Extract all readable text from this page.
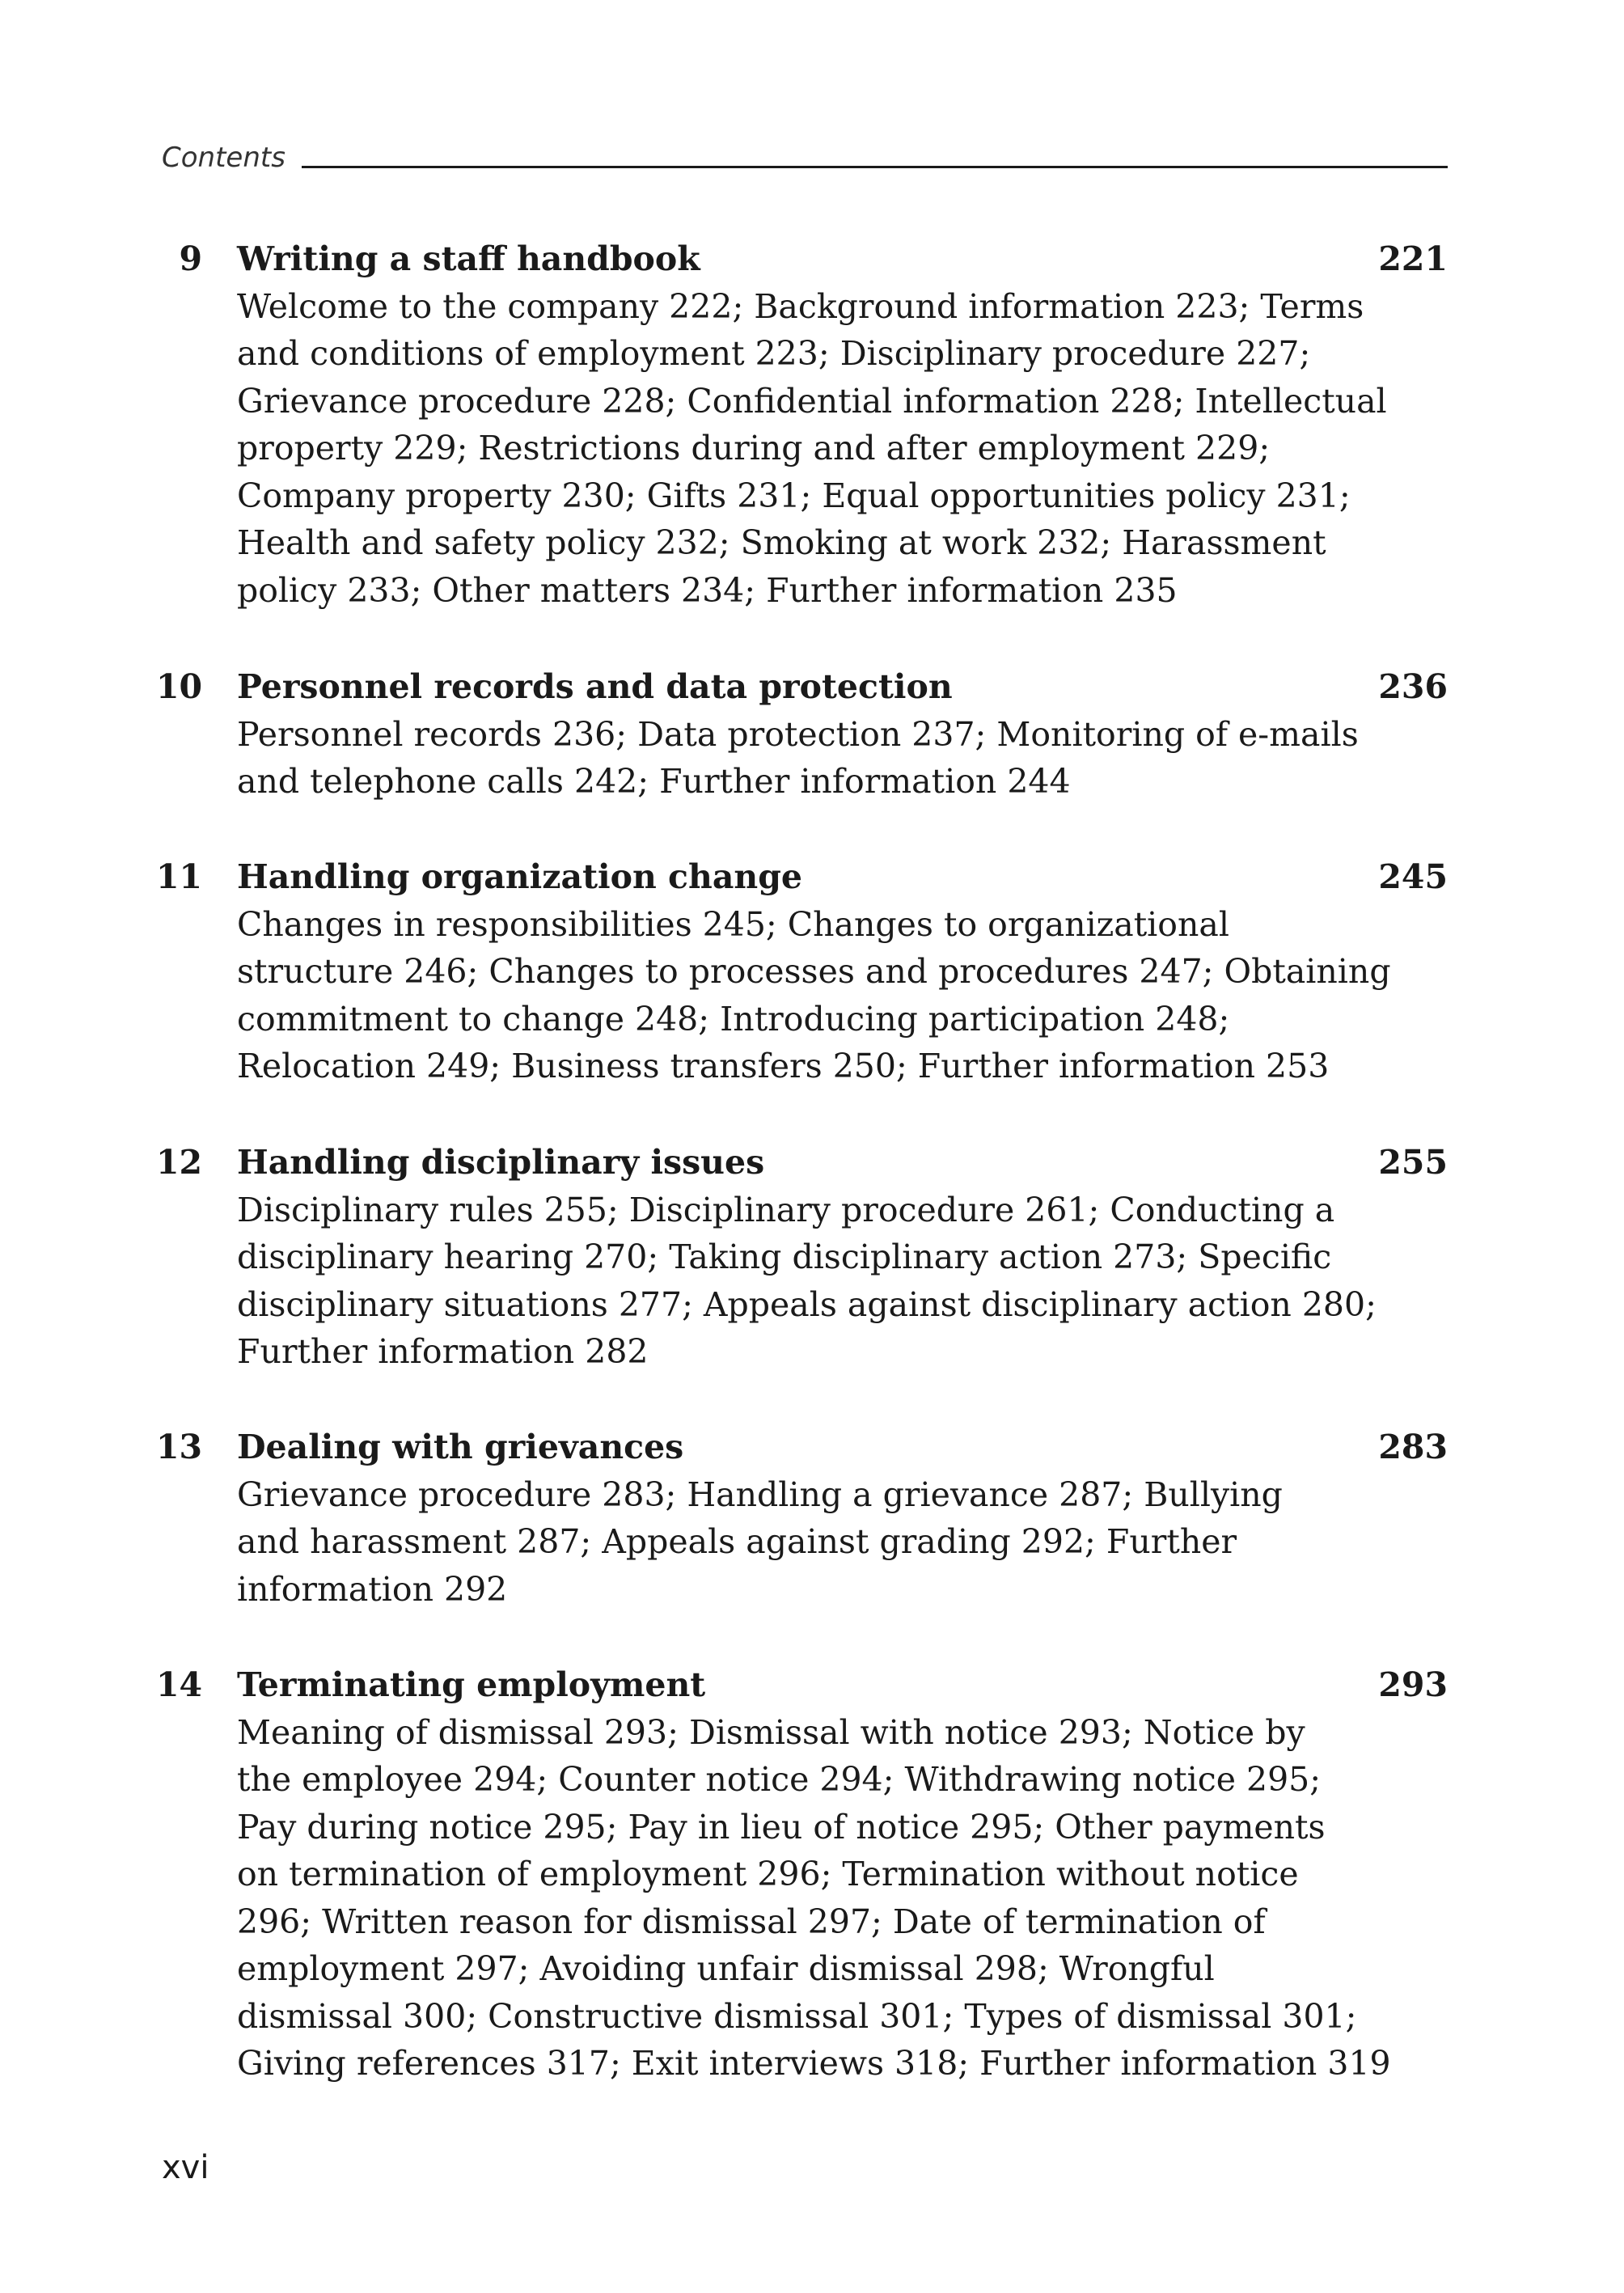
Contents
9 Writing a staff handbook	221
Welcome to the company 222; Background information 223; Terms
and conditions of employment 223; Disciplinary procedure 227;
Grievance procedure 228; Confidential information 228; Intellectual
property 229; Restrictions during and after employment 229;
Company property 230; Gifts 231; Equal opportunities policy 231;
Health and safety policy 232; Smoking at work 232; Harassment
policy 233; Other matters 234; Further information 235
10 Personnel records and data protection	236
Personnel records 236; Data protection 237; Monitoring of e-mails
and telephone calls 242; Further information 244
11 Handling organization change	245
Changes in responsibilities 245; Changes to organizational
structure 246; Changes to processes and procedures 247; Obtaining
commitment to change 248; Introducing participation 248;
Relocation 249; Business transfers 250; Further information 253
12 Handling disciplinary issues	255
Disciplinary rules 255; Disciplinary procedure 261; Conducting a
disciplinary hearing 270; Taking disciplinary action 273; Specific
disciplinary situations 277; Appeals against disciplinary action 280;
Further information 282
13 Dealing with grievances	283
Grievance procedure 283; Handling a grievance 287; Bullying
and harassment 287; Appeals against grading 292; Further
information 292
14 Terminating employment	293
Meaning of dismissal 293; Dismissal with notice 293; Notice by
the employee 294; Counter notice 294; Withdrawing notice 295;
Pay during notice 295; Pay in lieu of notice 295; Other payments
on termination of employment 296; Termination without notice
296; Written reason for dismissal 297; Date of termination of
employment 297; Avoiding unfair dismissal 298; Wrongful
dismissal 300; Constructive dismissal 301; Types of dismissal 301;
Giving references 317; Exit interviews 318; Further information 319
xvi
